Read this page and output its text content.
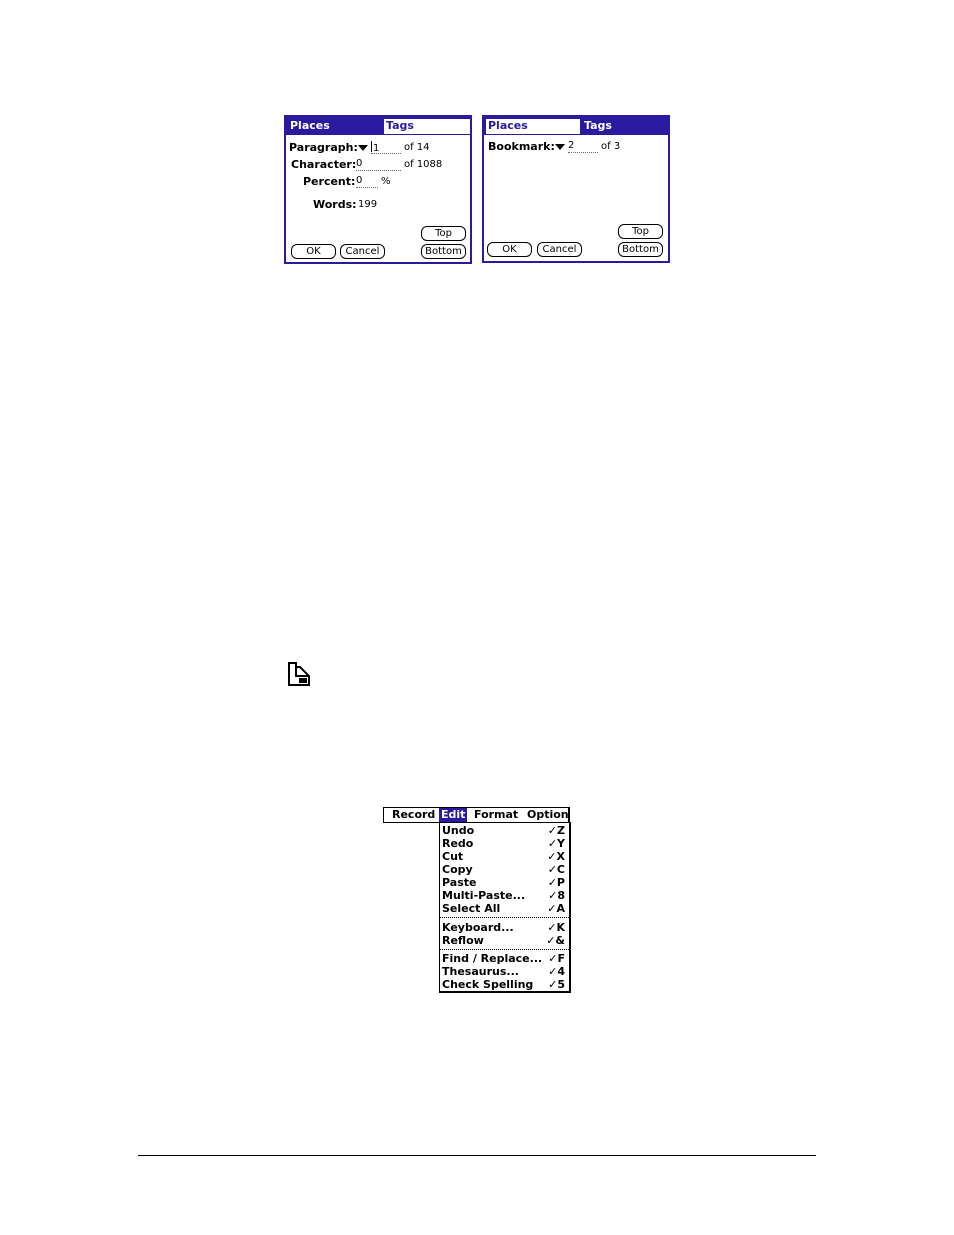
Places	Tags
Paragraph: 1	of 14
Character: 0	of 1088
Percent: 0	%
Words: 199
Top
OK	Cancel	Bottom
Places	Tags
Bookmark: 2	of 3
Top
OK	Cancel	Bottom
Record Edit Format Option
Undo	✓Z
Redo	✓Y
Cut	✓X
Copy	✓C
Paste	✓P
Multi-Paste... ✓8
Select All	✓A
Keyboard...	✓K
Reflow	✓&
Find / Replace... ✓F
Thesaurus...	✓4
Check Spelling ✓5
